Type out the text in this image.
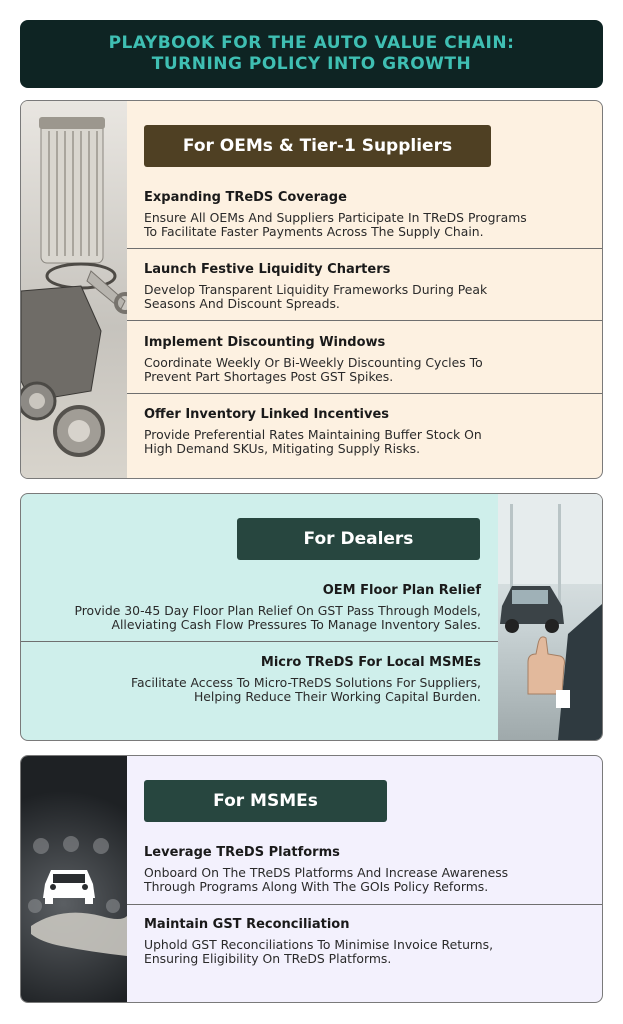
PLAYBOOK FOR THE AUTO VALUE CHAIN:
TURNING POLICY INTO GROWTH
For OEMs & Tier-1 Suppliers
Expanding TReDS Coverage

Ensure All OEMs And Suppliers Participate In TReDS Programs

To Facilitate Faster Payments Across The Supply Chain.

Launch Festive Liquidity Charters

Develop Transparent Liquidity Frameworks During Peak

Seasons And Discount Spreads.

Implement Discounting Windows

Coordinate Weekly Or Bi-Weekly Discounting Cycles To

Prevent Part Shortages Post GST Spikes.

Offer Inventory Linked Incentives

Provide Preferential Rates Maintaining Buffer Stock On

High Demand SKUs, Mitigating Supply Risks.

For Dealers
OEM Floor Plan Relief

Provide 30-45 Day Floor Plan Relief On GST Pass Through Models,

Alleviating Cash Flow Pressures To Manage Inventory Sales.

Micro TReDS For Local MSMEs

Facilitate Access To Micro-TReDS Solutions For Suppliers,

Helping Reduce Their Working Capital Burden.

For MSMEs
Leverage TReDS Platforms

Onboard On The TReDS Platforms And Increase Awareness

Through Programs Along With The GOIs Policy Reforms.

Maintain GST Reconciliation

Uphold GST Reconciliations To Minimise Invoice Returns,

Ensuring Eligibility On TReDS Platforms.
